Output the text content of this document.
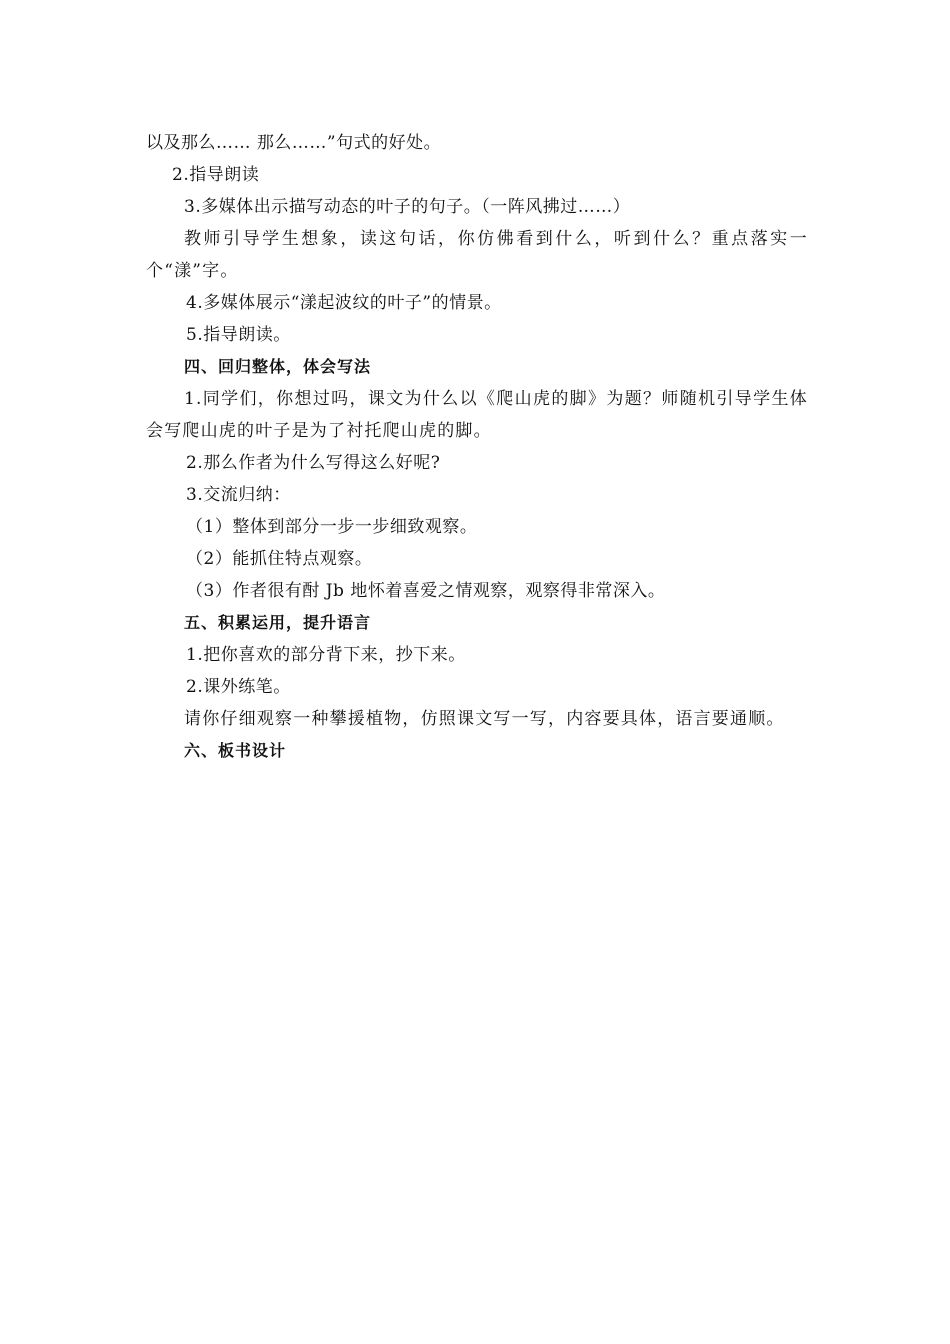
以及那么…… 那么……”句式的好处。
2.指导朗读
3.多媒体出示描写动态的叶子的句子。（一阵风拂过……）

教师引导学生想象，读这句话，你仿佛看到什么，听到什么？重点落实一个“漾”字。

4.多媒体展示“漾起波纹的叶子”的情景。
5.指导朗读。
四、回归整体，体会写法

1.同学们，你想过吗，课文为什么以《爬山虎的脚》为题？师随机引导学生体会写爬山虎的叶子是为了衬托爬山虎的脚。

2.那么作者为什么写得这么好呢?
3.交流归纳：
（1）整体到部分一步一步细致观察。
（2）能抓住特点观察。
（3）作者很有酎 Jb 地怀着喜爱之情观察，观察得非常深入。
五、积累运用，提升语言
1.把你喜欢的部分背下来，抄下来。
2.课外练笔。

请你仔细观察一种攀援植物，仿照课文写一写，内容要具体，语言要通顺。

六、板书设计
